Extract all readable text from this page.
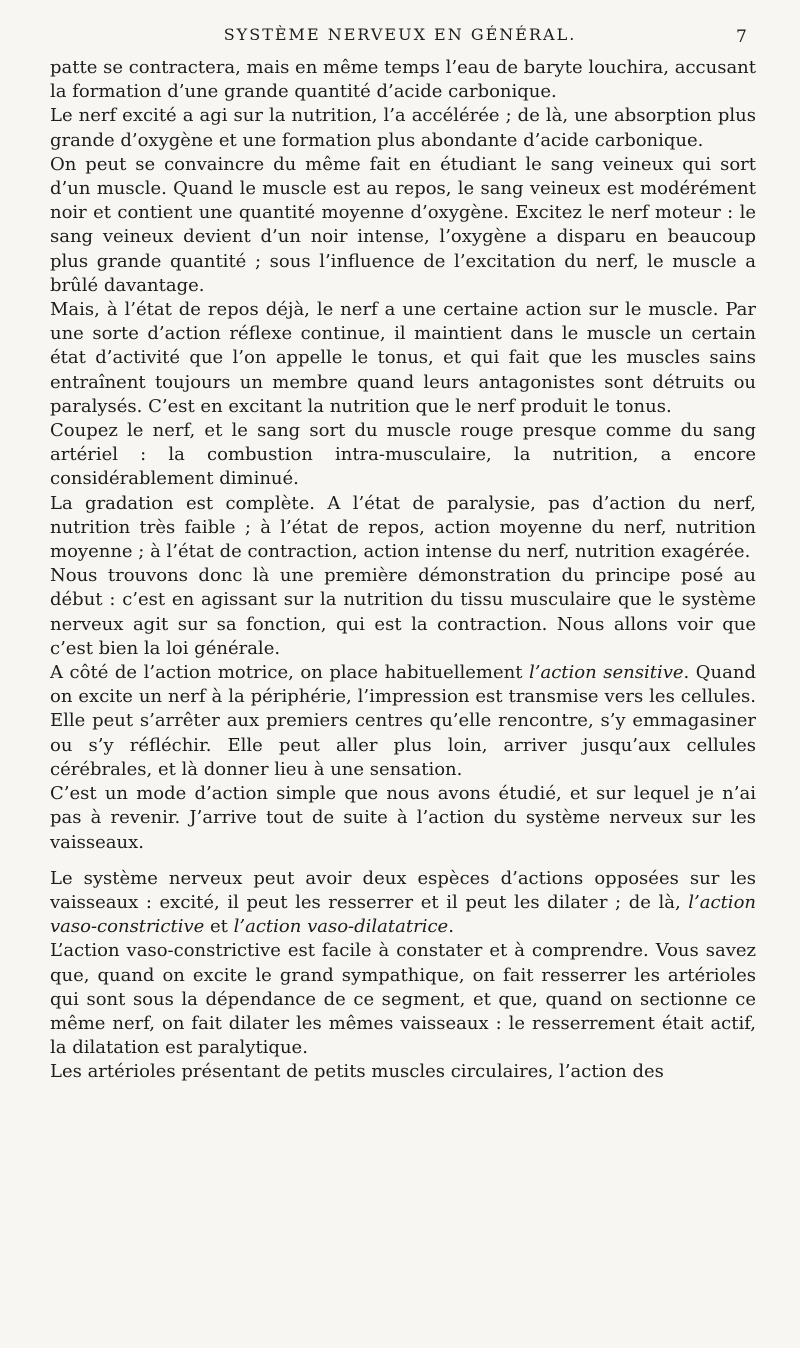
SYSTÈME NERVEUX EN GÉNÉRAL.	7

patte se contractera, mais en même temps l’eau de baryte louchira, accusant la formation d’une grande quantité d’acide carbonique.

Le nerf excité a agi sur la nutrition, l’a accélérée ; de là, une absorption plus grande d’oxygène et une formation plus abondante d’acide carbonique.

On peut se convaincre du même fait en étudiant le sang veineux qui sort d’un muscle. Quand le muscle est au repos, le sang veineux est modérément noir et contient une quantité moyenne d’oxygène. Excitez le nerf moteur : le sang veineux devient d’un noir intense, l’oxygène a disparu en beaucoup plus grande quantité ; sous l’influence de l’excitation du nerf, le muscle a brûlé davantage.

Mais, à l’état de repos déjà, le nerf a une certaine action sur le muscle. Par une sorte d’action réflexe continue, il maintient dans le muscle un certain état d’activité que l’on appelle le tonus, et qui fait que les muscles sains entraînent toujours un membre quand leurs antagonistes sont détruits ou paralysés. C’est en excitant la nutrition que le nerf produit le tonus.

Coupez le nerf, et le sang sort du muscle rouge presque comme du sang artériel : la combustion intra-musculaire, la nutrition, a encore considérablement diminué.

La gradation est complète. A l’état de paralysie, pas d’action du nerf, nutrition très faible ; à l’état de repos, action moyenne du nerf, nutrition moyenne ; à l’état de contraction, action intense du nerf, nutrition exagérée.

Nous trouvons donc là une première démonstration du principe posé au début : c’est en agissant sur la nutrition du tissu musculaire que le système nerveux agit sur sa fonction, qui est la contraction. Nous allons voir que c’est bien la loi générale.

A côté de l’action motrice, on place habituellement l’action sensitive. Quand on excite un nerf à la périphérie, l’impression est transmise vers les cellules. Elle peut s’arrêter aux premiers centres qu’elle rencontre, s’y emmagasiner ou s’y réfléchir. Elle peut aller plus loin, arriver jusqu’aux cellules cérébrales, et là donner lieu à une sensation.

C’est un mode d’action simple que nous avons étudié, et sur lequel je n’ai pas à revenir. J’arrive tout de suite à l’action du système nerveux sur les vaisseaux.

Le système nerveux peut avoir deux espèces d’actions opposées sur les vaisseaux : excité, il peut les resserrer et il peut les dilater ; de là, l’action vaso-constrictive et l’action vaso-dilatatrice.

L’action vaso-constrictive est facile à constater et à comprendre. Vous savez que, quand on excite le grand sympathique, on fait resserrer les artérioles qui sont sous la dépendance de ce segment, et que, quand on sectionne ce même nerf, on fait dilater les mêmes vaisseaux : le resserrement était actif, la dilatation est paralytique.

Les artérioles présentant de petits muscles circulaires, l’action des
